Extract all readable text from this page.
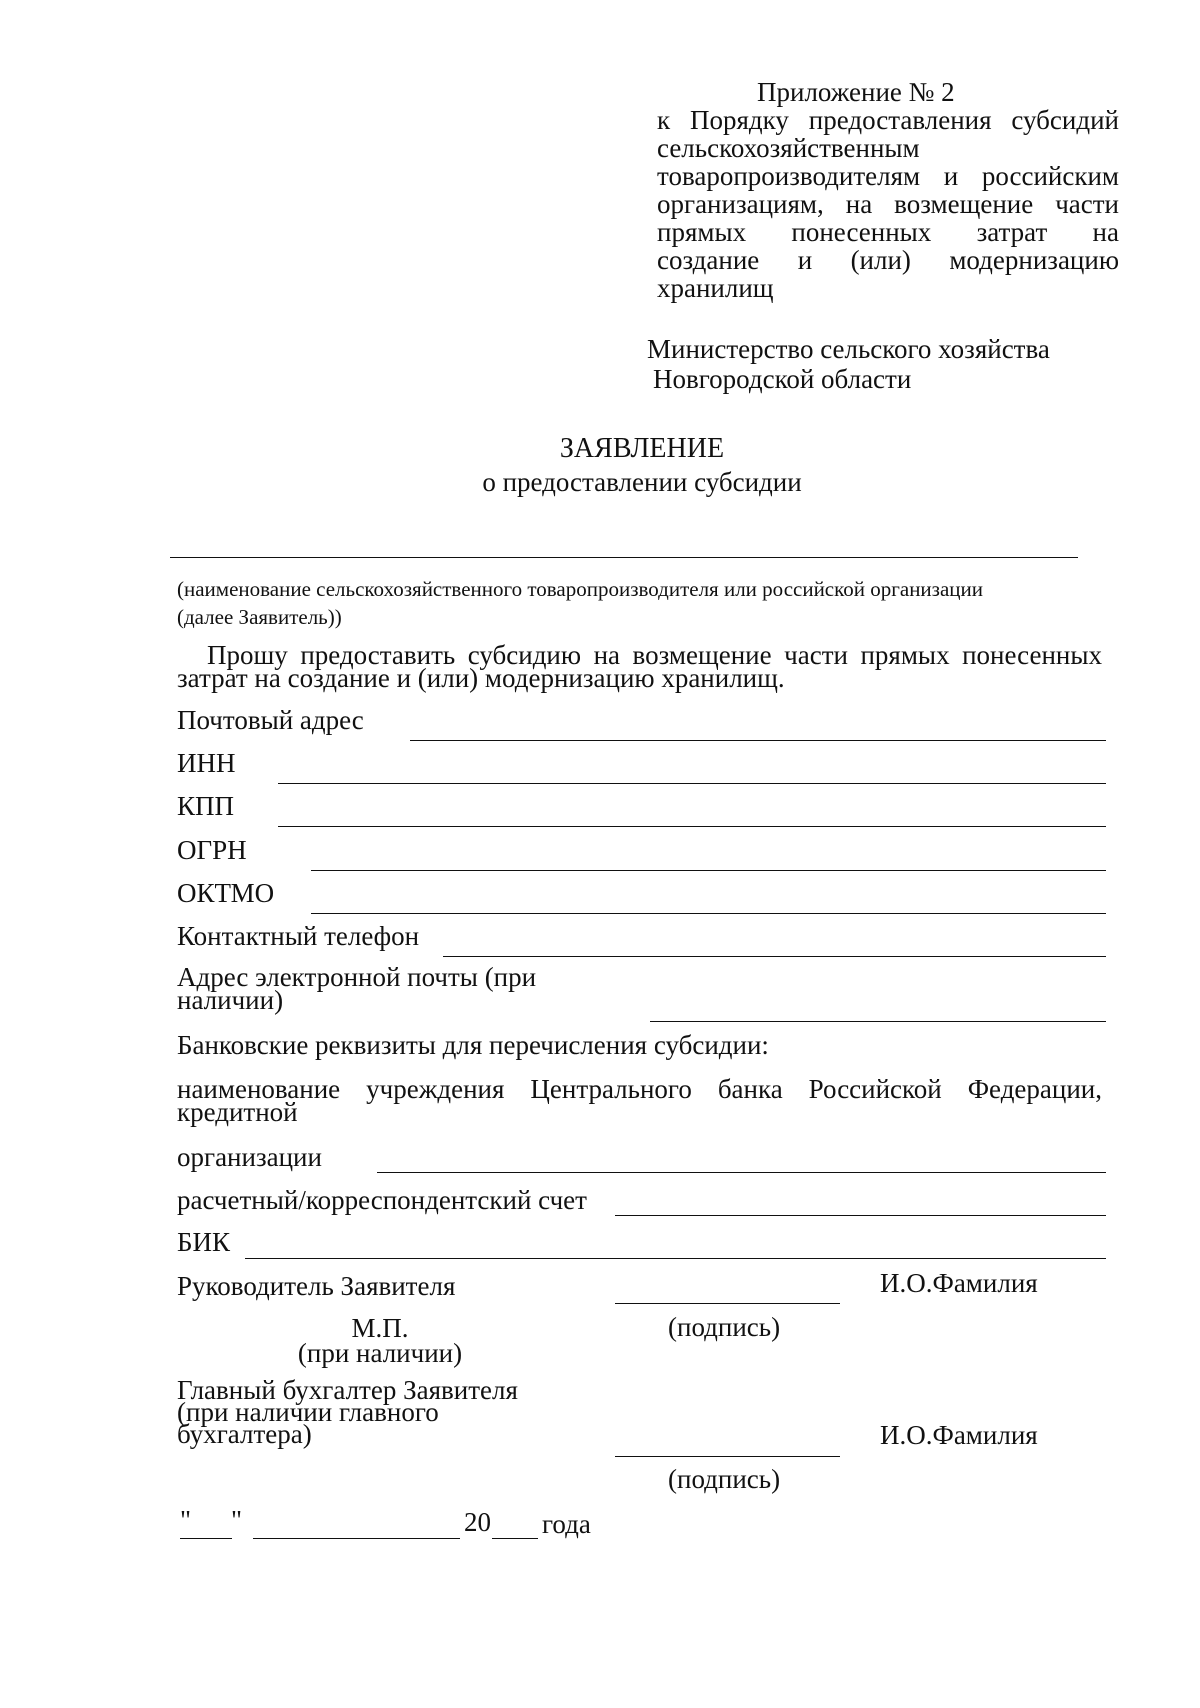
Приложение № 2
к Порядку предоставления субсидий
сельскохозяйственным
товаропроизводителям и российским
организациям, на возмещение части
прямых понесенных затрат на
создание и (или) модернизацию
хранилищ
Министерство сельского хозяйства
Новгородской области
ЗАЯВЛЕНИЕ
о предоставлении субсидии
(наименование сельскохозяйственного товаропроизводителя или российской организации
(далее Заявитель))
Прошу предоставить субсидию на возмещение части прямых понесенных
затрат на создание и (или) модернизацию хранилищ.
Почтовый адрес
ИНН
КПП
ОГРН
ОКТМО
Контактный телефон
Адрес электронной почты (при
наличии)
Банковские реквизиты для перечисления субсидии:
наименование учреждения Центрального банка Российской Федерации,
кредитной
организации
расчетный/корреспондентский счет
БИК
Руководитель Заявителя	И.О.Фамилия
(подпись)
М.П.
(при наличии)
Главный бухгалтер Заявителя
(при наличии главного
бухгалтера)	И.О.Фамилия
(подпись)
" "	20 года
